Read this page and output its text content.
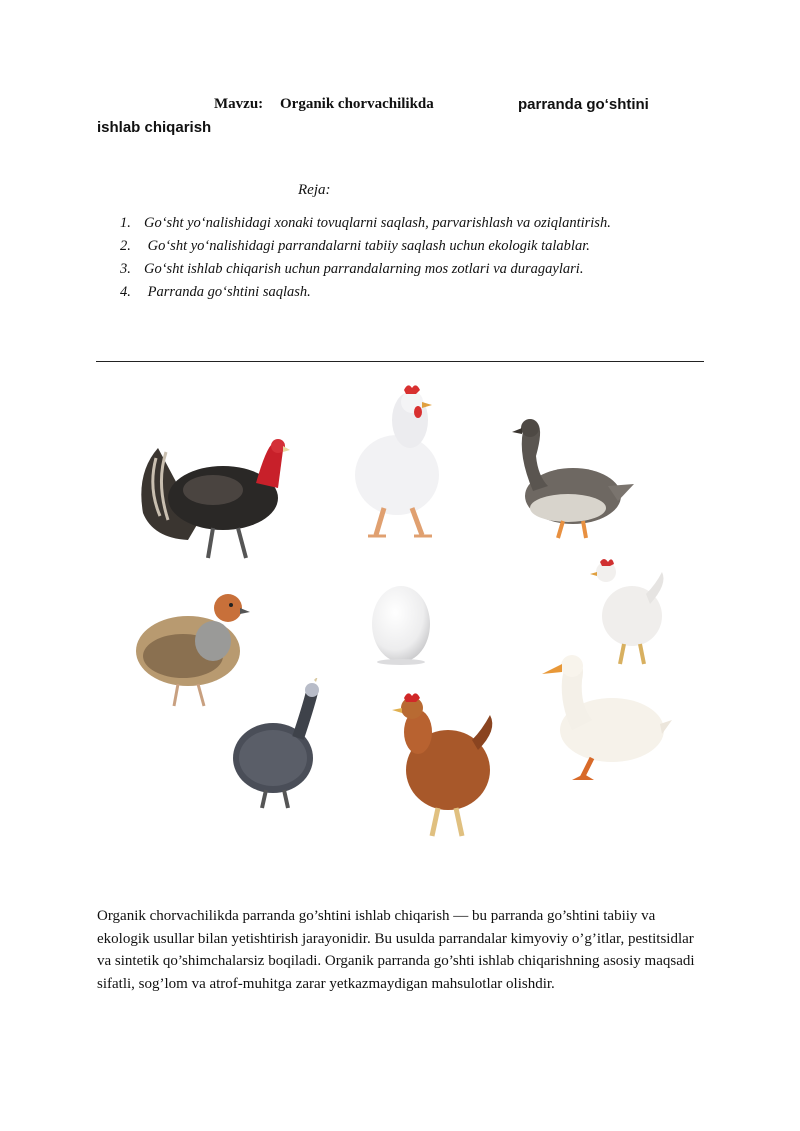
Mavzu: Organik chorvachilikda	parranda go‘shtini
ishlab chiqarish
Reja:
1. Go‘sht yo‘nalishidagi xonaki tovuqlarni saqlash, parvarishlash va oziqlantirish.
2. Go‘sht yo‘nalishidagi parrandalarni tabiiy saqlash uchun ekologik talablar.
3. Go‘sht ishlab chiqarish uchun parrandalarning mos zotlari va duragaylari.
4. Parranda go‘shtini saqlash.

Organik chorvachilikda parranda go’shtini ishlab chiqarish — bu parranda go’shtini tabiiy va ekologik usullar bilan yetishtirish jarayonidir. Bu usulda parrandalar kimyoviy o’g’itlar, pestitsidlar va sintetik qo’shimchalarsiz boqiladi. Organik parranda go’shti ishlab chiqarishning asosiy maqsadi sifatli, sog’lom va atrof-muhitga zarar yetkazmaydigan mahsulotlar olishdir.
